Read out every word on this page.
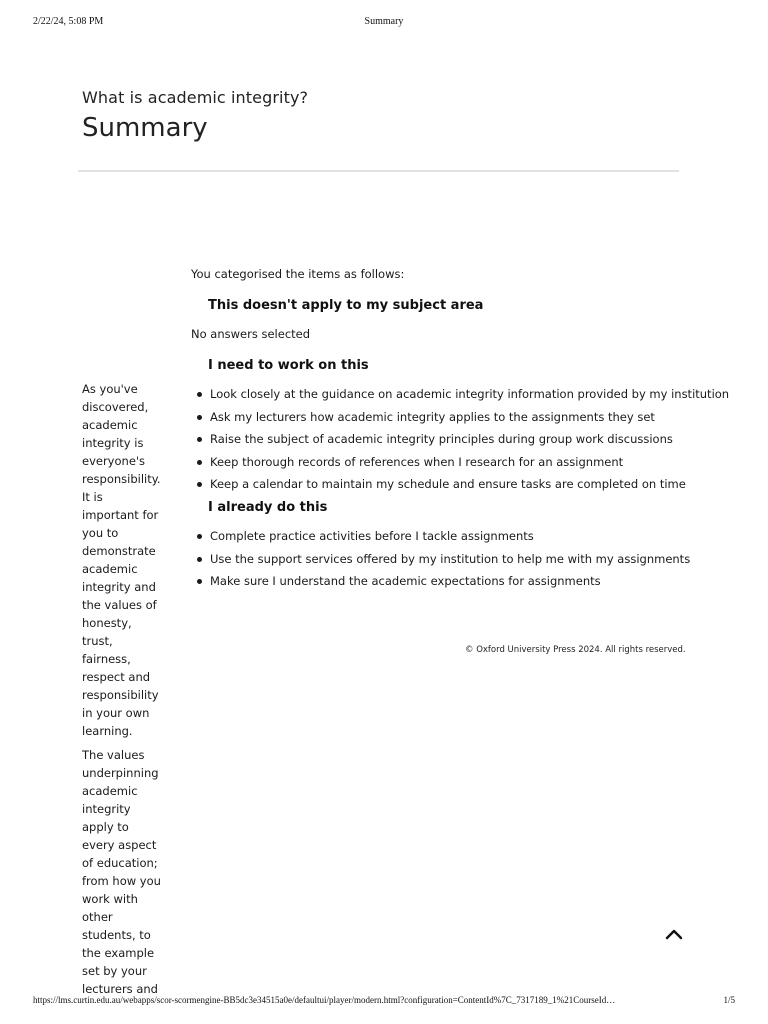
2/22/24, 5:08 PM	Summary
What is academic integrity?
Summary

As you've discovered, academic integrity is everyone's responsibility. It is important for you to demonstrate academic integrity and the values of honesty, trust, fairness, respect and responsibility in your own learning.

The values underpinning academic integrity apply to every aspect of education; from how you work with other students, to the example set by your lecturers and

You categorised the items as follows:

This doesn't apply to my subject area

No answers selected

I need to work on this
Look closely at the guidance on academic integrity information provided by my institution
Ask my lecturers how academic integrity applies to the assignments they set
Raise the subject of academic integrity principles during group work discussions
Keep thorough records of references when I research for an assignment
Keep a calendar to maintain my schedule and ensure tasks are completed on time
I already do this
Complete practice activities before I tackle assignments
Use the support services offered by my institution to help me with my assignments
Make sure I understand the academic expectations for assignments
© Oxford University Press 2024. All rights reserved.
https://lms.curtin.edu.au/webapps/scor-scormengine-BB5dc3e34515a0e/defaultui/player/modern.html?configuration=ContentId%7C_7317189_1%21CourseId…	1/5
